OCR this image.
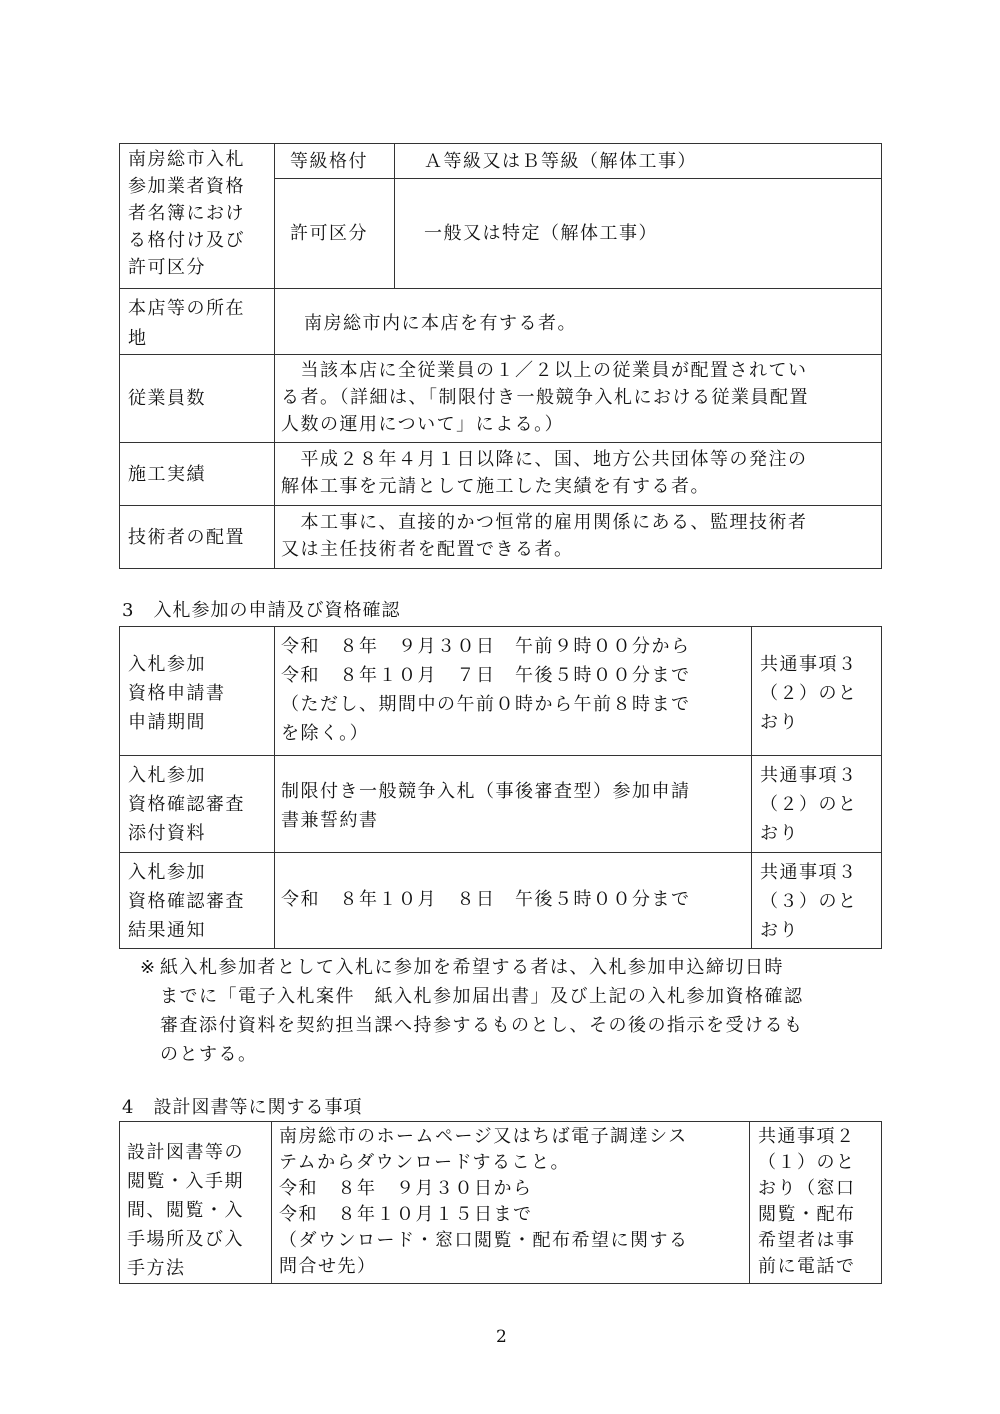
南房総市入札
参加業者資格
者名簿におけ
る格付け及び
許可区分
等級格付	Ａ等級又はＢ等級（解体工事）
許可区分	一般又は特定（解体工事）
本店等の所在
地
南房総市内に本店を有する者。
従業員数
　当該本店に全従業員の１／２以上の従業員が配置されてい
る者。（詳細は、「制限付き一般競争入札における従業員配置
人数の運用について」による。）
施工実績
　平成２８年４月１日以降に、国、地方公共団体等の発注の
解体工事を元請として施工した実績を有する者。
技術者の配置
　本工事に、直接的かつ恒常的雇用関係にある、監理技術者
又は主任技術者を配置できる者。
3　入札参加の申請及び資格確認
入札参加
資格申請書
申請期間
令和　８年　９月３０日　午前９時００分から
令和　８年１０月　７日　午後５時００分まで
（ただし、期間中の午前０時から午前８時まで
を除く。）
共通事項３
（２）のと
おり
入札参加
資格確認審査
添付資料
制限付き一般競争入札（事後審査型）参加申請
書兼誓約書
共通事項３
（２）のと
おり
入札参加
資格確認審査
結果通知
令和　８年１０月　８日　午後５時００分まで
共通事項３
（３）のと
おり
※ 紙入札参加者として入札に参加を希望する者は、入札参加申込締切日時
までに「電子入札案件　紙入札参加届出書」及び上記の入札参加資格確認
審査添付資料を契約担当課へ持参するものとし、その後の指示を受けるも
のとする。
4　設計図書等に関する事項
設計図書等の
閲覧・入手期
間、閲覧・入
手場所及び入
手方法
南房総市のホームページ又はちば電子調達シス
テムからダウンロードすること。
令和　８年　９月３０日から
令和　８年１０月１５日まで
（ダウンロード・窓口閲覧・配布希望に関する
問合せ先）
共通事項２
（１）のと
おり（窓口
閲覧・配布
希望者は事
前に電話で
2
